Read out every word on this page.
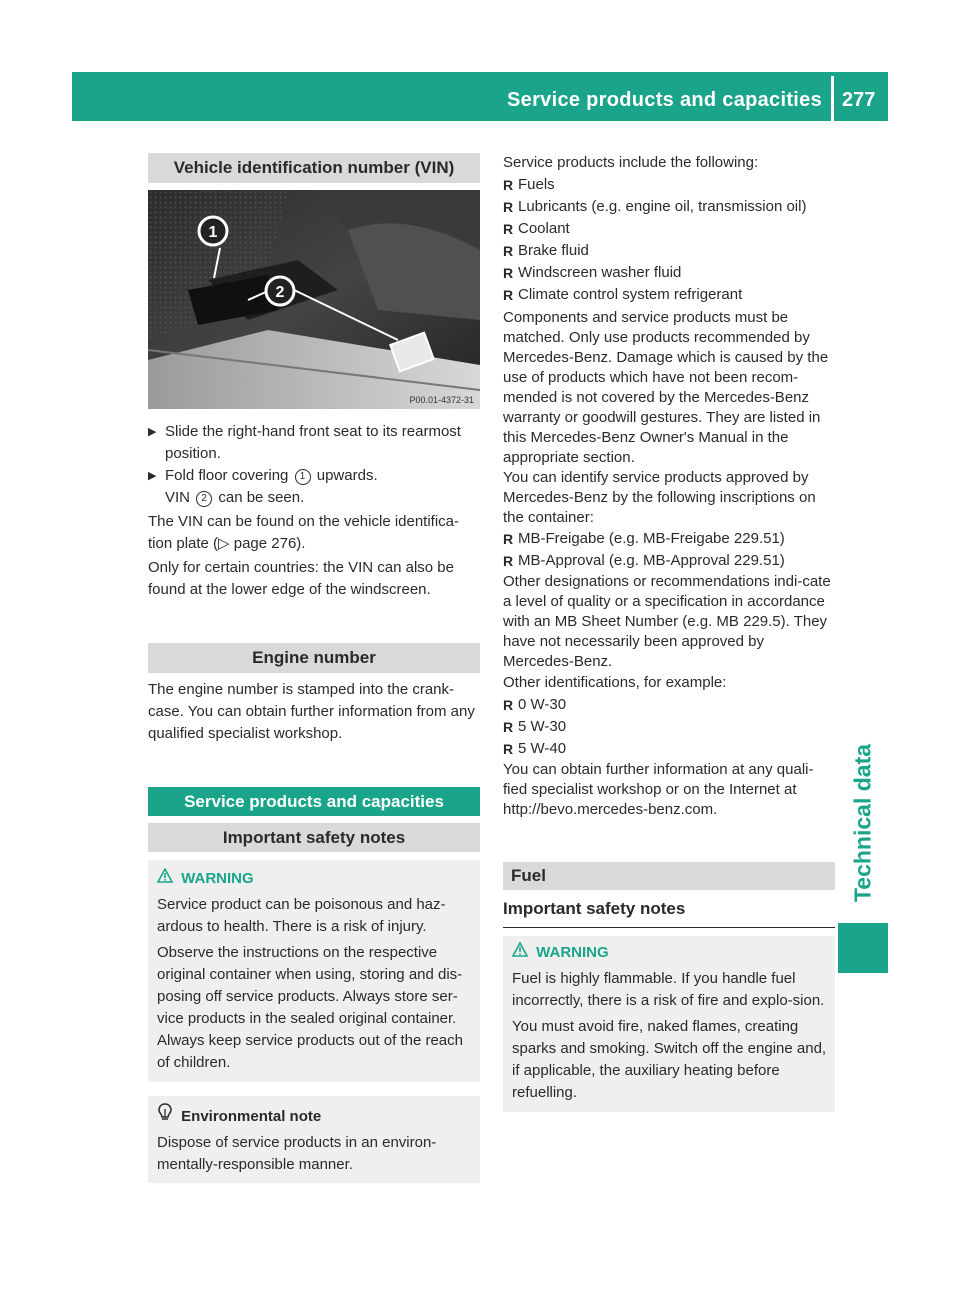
Service products and capacities 277
Technical data
Vehicle identification number (VIN)
1
2
P00.01-4372-31

▶ Slide the right-hand front seat to its rearmost position.

▶ Fold floor covering 1 upwards.
VIN 2 can be seen.

The VIN can be found on the vehicle identifica-tion plate (▷ page 276).

Only for certain countries: the VIN can also be found at the lower edge of the windscreen.

Engine number

The engine number is stamped into the crank-case. You can obtain further information from any qualified specialist workshop.

Service products and capacities
Important safety notes
WARNING

Service product can be poisonous and haz-ardous to health. There is a risk of injury.

Observe the instructions on the respective original container when using, storing and dis-posing off service products. Always store ser-vice products in the sealed original container. Always keep service products out of the reach of children.

Environmental note

Dispose of service products in an environ-mentally-responsible manner.

Service products include the following:

R Fuels

R Lubricants (e.g. engine oil, transmission oil)

R Coolant

R Brake fluid

R Windscreen washer fluid

R Climate control system refrigerant

Components and service products must be matched. Only use products recommended by Mercedes-Benz. Damage which is caused by the use of products which have not been recom-mended is not covered by the Mercedes-Benz warranty or goodwill gestures. They are listed in this Mercedes-Benz Owner's Manual in the appropriate section.

You can identify service products approved by Mercedes-Benz by the following inscriptions on the container:

R MB-Freigabe (e.g. MB-Freigabe 229.51)

R MB-Approval (e.g. MB-Approval 229.51)

Other designations or recommendations indi-cate a level of quality or a specification in accordance with an MB Sheet Number (e.g. MB 229.5). They have not necessarily been approved by Mercedes-Benz.

Other identifications, for example:

R 0 W-30

R 5 W-30

R 5 W-40

You can obtain further information at any quali-fied specialist workshop or on the Internet at http://bevo.mercedes-benz.com.

Fuel
Important safety notes
WARNING

Fuel is highly flammable. If you handle fuel incorrectly, there is a risk of fire and explo-sion.

You must avoid fire, naked flames, creating sparks and smoking. Switch off the engine and, if applicable, the auxiliary heating before refuelling.
